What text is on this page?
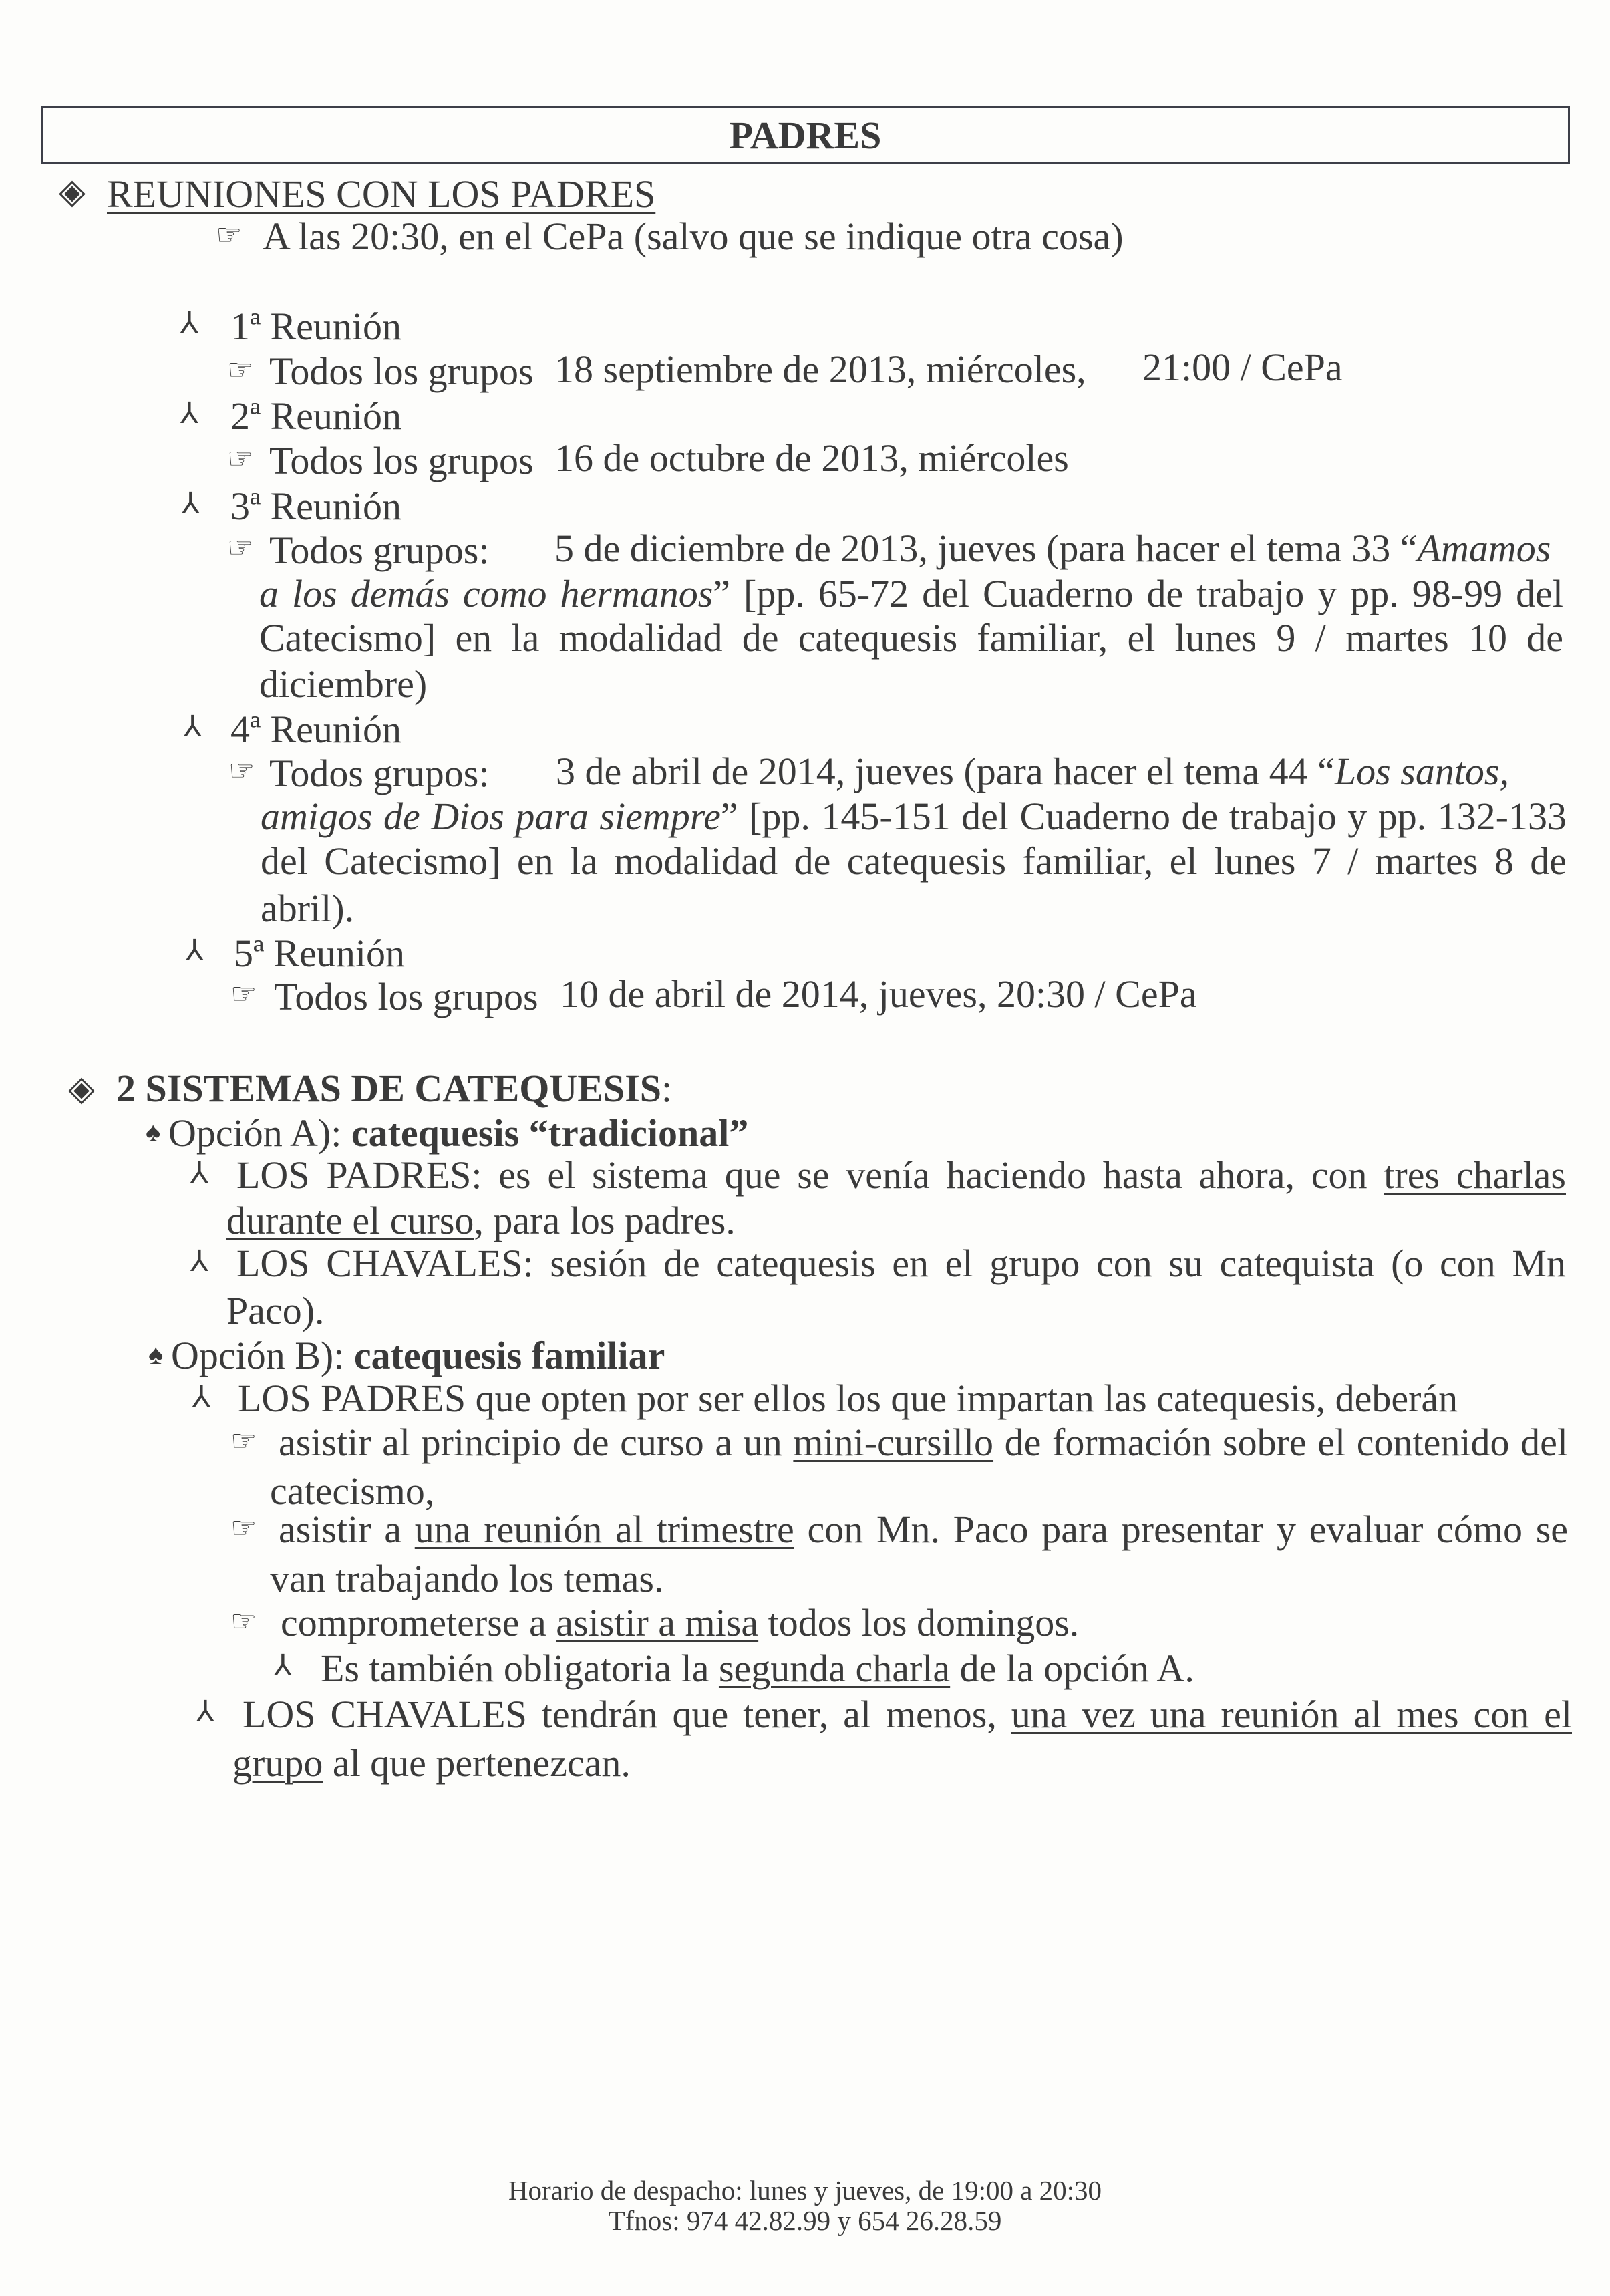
PADRES
◈ REUNIONES CON LOS PADRES
☞ A las 20:30, en el CePa (salvo que se indique otra cosa)
⅄ 1ª Reunión
☞ Todos los grupos 18 septiembre de 2013, miércoles, 21:00 / CePa
⅄ 2ª Reunión
☞ Todos los grupos 16 de octubre de 2013, miércoles
⅄ 3ª Reunión
☞ Todos grupos: 5 de diciembre de 2013, jueves (para hacer el tema 33 “Amamos
a los demás como hermanos” [pp. 65-72 del Cuaderno de trabajo y pp. 98-99 del
Catecismo] en la modalidad de catequesis familiar, el lunes 9 / martes 10 de
diciembre)
⅄ 4ª Reunión
☞ Todos grupos: 3 de abril de 2014, jueves (para hacer el tema 44 “Los santos,
amigos de Dios para siempre” [pp. 145-151 del Cuaderno de trabajo y pp. 132-133
del Catecismo] en la modalidad de catequesis familiar, el lunes 7 / martes 8 de
abril).
⅄ 5ª Reunión
☞ Todos los grupos 10 de abril de 2014, jueves, 20:30 / CePa
◈ 2 SISTEMAS DE CATEQUESIS:
♠ Opción A): catequesis “tradicional”
⅄ LOS PADRES: es el sistema que se venía haciendo hasta ahora, con tres charlas
durante el curso, para los padres.
⅄ LOS CHAVALES: sesión de catequesis en el grupo con su catequista (o con Mn
Paco).
♠ Opción B): catequesis familiar
⅄ LOS PADRES que opten por ser ellos los que impartan las catequesis, deberán
☞ asistir al principio de curso a un mini-cursillo de formación sobre el contenido del
catecismo,
☞ asistir a una reunión al trimestre con Mn. Paco para presentar y evaluar cómo se
van trabajando los temas.
☞ comprometerse a asistir a misa todos los domingos.
⅄ Es también obligatoria la segunda charla de la opción A.
⅄ LOS CHAVALES tendrán que tener, al menos, una vez una reunión al mes con el
grupo al que pertenezcan.
Horario de despacho: lunes y jueves, de 19:00 a 20:30
Tfnos: 974 42.82.99 y 654 26.28.59
